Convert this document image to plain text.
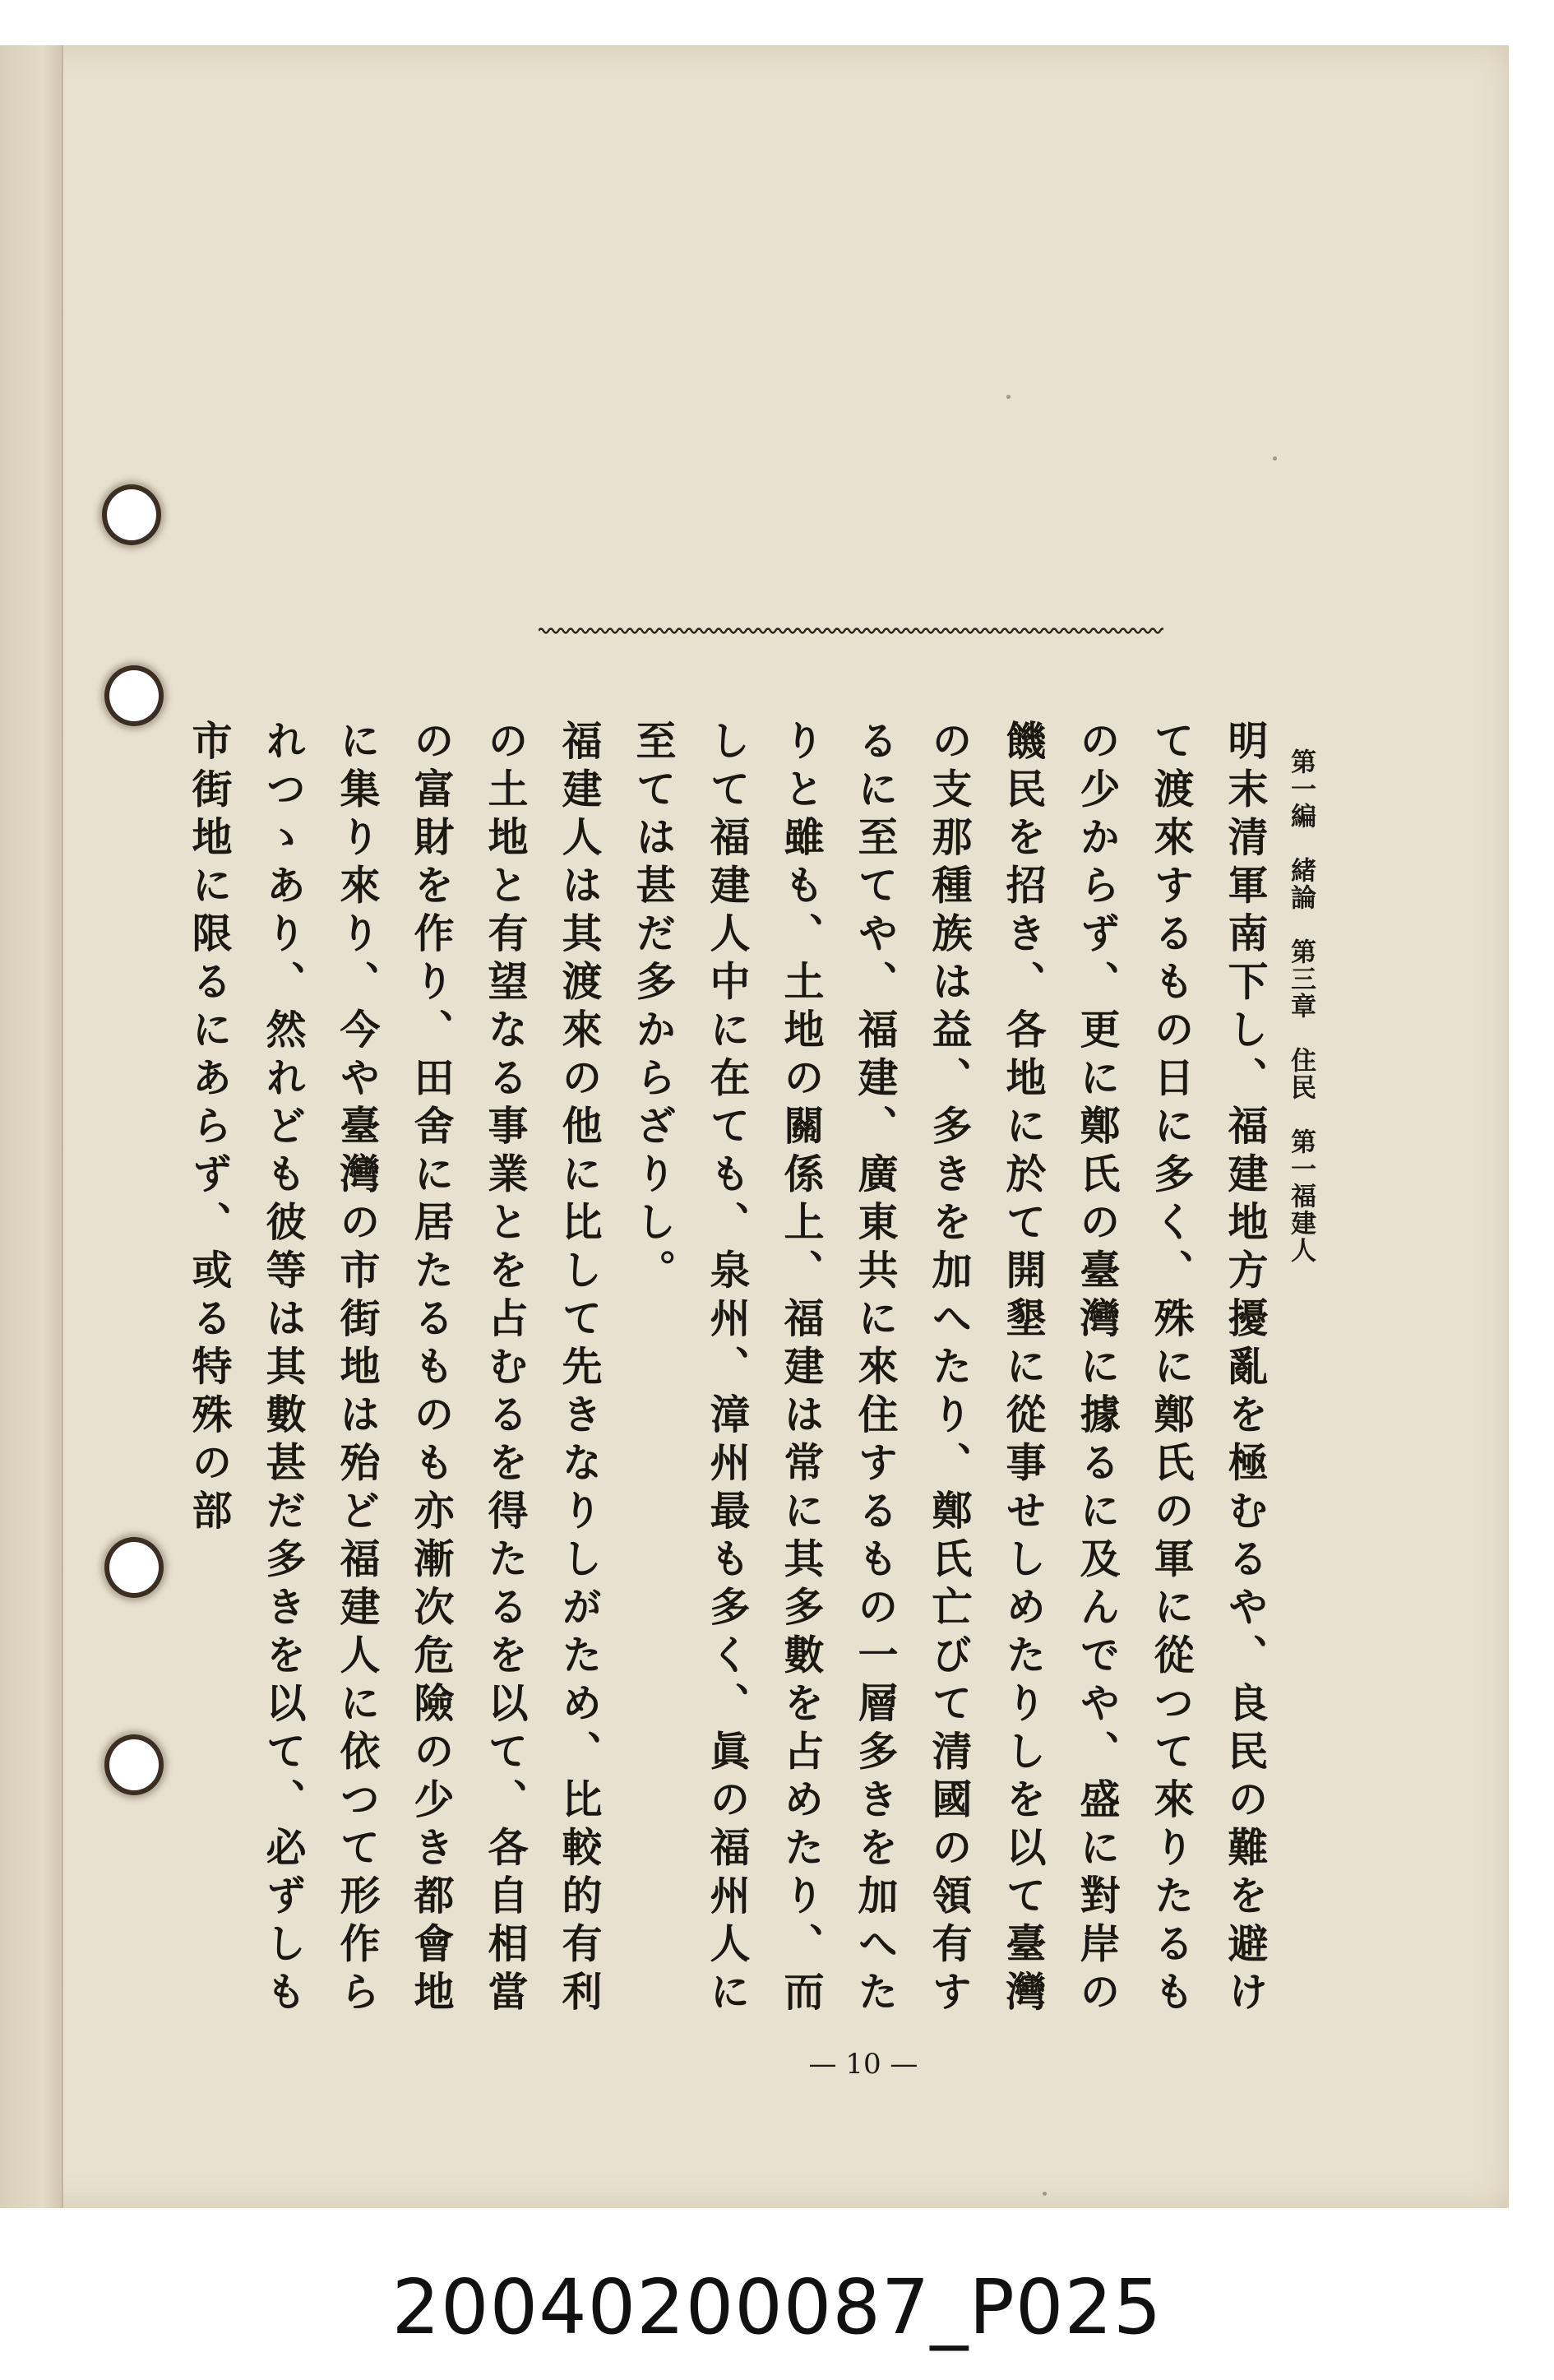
第一編　緒論　第三章　住民　第一福建人

明末清軍南下し、福建地方擾亂を極むるや、良民の難を避けて渡來するもの日に多く、殊に鄭氏の軍に從つて來りたるもの少からず、更に鄭氏の臺灣に據るに及んでや、盛に對岸の饑民を招き、各地に於て開墾に從事せしめたりしを以て臺灣の支那種族は益、多きを加へたり、鄭氏亡びて清國の領有するに至てや、福建、廣東共に來住するもの一層多きを加へたりと雖も、土地の關係上、福建は常に其多數を占めたり、而して福建人中に在ても、泉州、漳州最も多く、眞の福州人に至ては甚だ多からざりし。

福建人は其渡來の他に比して先きなりしがため、比較的有利の土地と有望なる事業とを占むるを得たるを以て、各自相當の富財を作り、田舍に居たるものも亦漸次危險の少き都會地に集り來り、今や臺灣の市街地は殆ど福建人に依つて形作られつゝあり、然れども彼等は其數甚だ多きを以て、必ずしも市街地に限るにあらず、或る特殊の部

— 10 —
20040200087_P025
